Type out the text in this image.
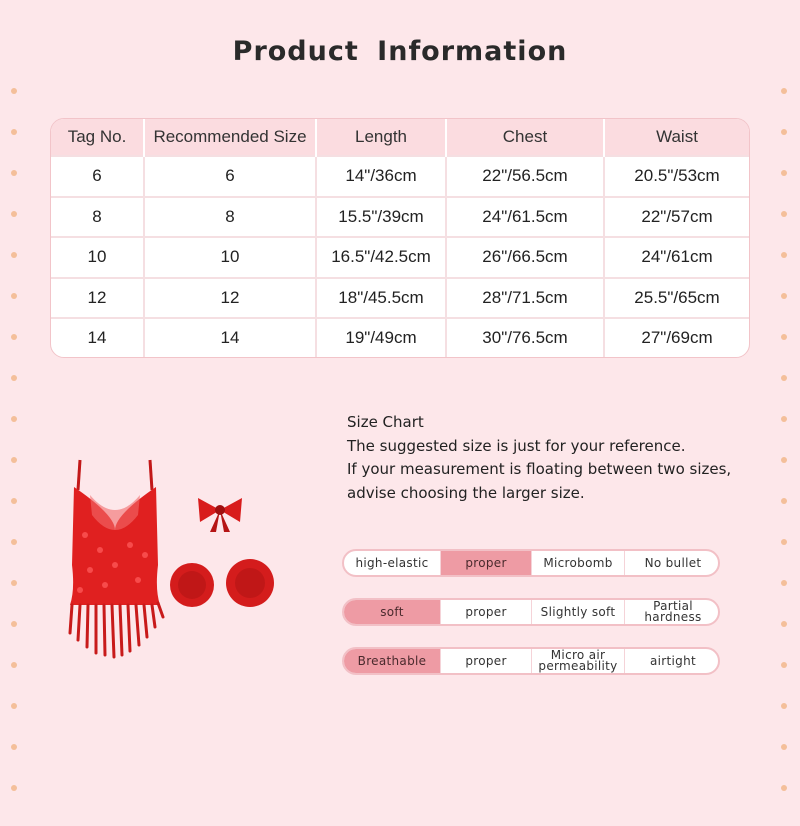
Product Information
Tag No.	Recommended Size	Length	Chest	Waist
6	6	14"/36cm	22"/56.5cm	20.5"/53cm
8	8	15.5"/39cm	24"/61.5cm	22"/57cm
10	10	16.5"/42.5cm	26"/66.5cm	24"/61cm
12	12	18"/45.5cm	28"/71.5cm	25.5"/65cm
14	14	19"/49cm	30"/76.5cm	27"/69cm
Size Chart
The suggested size is just for your reference.
If your measurement is floating between two sizes,
advise choosing the larger size.
high-elastic	proper	Microbomb	No bullet
soft	proper	Slightly soft	Partial hardness
Breathable	proper	Micro air permeability	airtight
